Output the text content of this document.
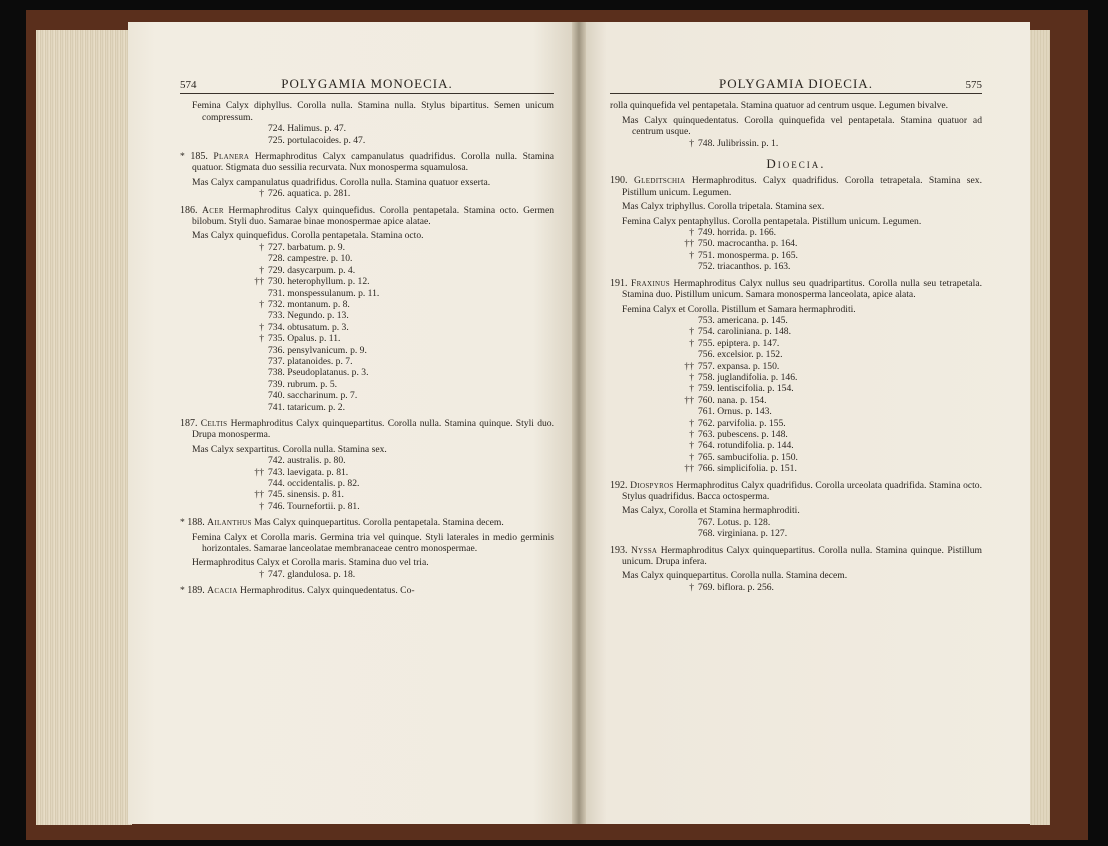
574	POLYGAMIA MONOECIA.

Femina Calyx diphyllus. Corolla nulla. Stamina nulla. Stylus bipartitus. Semen unicum compressum.

724. Halimus. p. 47.
725. portulacoides. p. 47.

* 185. Planera Hermaphroditus Calyx campanulatus quadrifidus. Corolla nulla. Stamina quatuor. Stigmata duo sessilia recurvata. Nux monosperma squamulosa.

Mas Calyx campanulatus quadrifidus. Corolla nulla. Stamina quatuor exserta.

† 726. aquatica. p. 281.

186. Acer Hermaphroditus Calyx quinquefidus. Corolla pentapetala. Stamina octo. Germen bilobum. Styli duo. Samarae binae monospermae apice alatae.

Mas Calyx quinquefidus. Corolla pentapetala. Stamina octo.

† 727. barbatum. p. 9.
728. campestre. p. 10.
† 729. dasycarpum. p. 4.
†† 730. heterophyllum. p. 12.
731. monspessulanum. p. 11.
† 732. montanum. p. 8.
733. Negundo. p. 13.
† 734. obtusatum. p. 3.
† 735. Opalus. p. 11.
736. pensylvanicum. p. 9.
737. platanoides. p. 7.
738. Pseudoplatanus. p. 3.
739. rubrum. p. 5.
740. saccharinum. p. 7.
741. tataricum. p. 2.

187. Celtis Hermaphroditus Calyx quinquepartitus. Corolla nulla. Stamina quinque. Styli duo. Drupa monosperma.

Mas Calyx sexpartitus. Corolla nulla. Stamina sex.

742. australis. p. 80.
†† 743. laevigata. p. 81.
744. occidentalis. p. 82.
†† 745. sinensis. p. 81.
† 746. Tournefortii. p. 81.

* 188. Ailanthus Mas Calyx quinquepartitus. Corolla pentapetala. Stamina decem.

Femina Calyx et Corolla maris. Germina tria vel quinque. Styli laterales in medio germinis horizontales. Samarae lanceolatae membranaceae centro monospermae.

Hermaphroditus Calyx et Corolla maris. Stamina duo vel tria.

† 747. glandulosa. p. 18.

* 189. Acacia Hermaphroditus. Calyx quinquedentatus. Co-

POLYGAMIA DIOECIA.	575

rolla quinquefida vel pentapetala. Stamina quatuor ad centrum usque. Legumen bivalve.

Mas Calyx quinquedentatus. Corolla quinquefida vel pentapetala. Stamina quatuor ad centrum usque.

† 748. Julibrissin. p. 1.
Dioecia.

190. Gleditschia Hermaphroditus. Calyx quadrifidus. Corolla tetrapetala. Stamina sex. Pistillum unicum. Legumen.

Mas Calyx triphyllus. Corolla tripetala. Stamina sex.

Femina Calyx pentaphyllus. Corolla pentapetala. Pistillum unicum. Legumen.

† 749. horrida. p. 166.
†† 750. macrocantha. p. 164.
† 751. monosperma. p. 165.
752. triacanthos. p. 163.

191. Fraxinus Hermaphroditus Calyx nullus seu quadripartitus. Corolla nulla seu tetrapetala. Stamina duo. Pistillum unicum. Samara monosperma lanceolata, apice alata.

Femina Calyx et Corolla. Pistillum et Samara hermaphroditi.

753. americana. p. 145.
† 754. caroliniana. p. 148.
† 755. epiptera. p. 147.
756. excelsior. p. 152.
†† 757. expansa. p. 150.
† 758. juglandifolia. p. 146.
† 759. lentiscifolia. p. 154.
†† 760. nana. p. 154.
761. Ornus. p. 143.
† 762. parvifolia. p. 155.
† 763. pubescens. p. 148.
† 764. rotundifolia. p. 144.
† 765. sambucifolia. p. 150.
†† 766. simplicifolia. p. 151.

192. Diospyros Hermaphroditus Calyx quadrifidus. Corolla urceolata quadrifida. Stamina octo. Stylus quadrifidus. Bacca octosperma.

Mas Calyx, Corolla et Stamina hermaphroditi.

767. Lotus. p. 128.
768. virginiana. p. 127.

193. Nyssa Hermaphroditus Calyx quinquepartitus. Corolla nulla. Stamina quinque. Pistillum unicum. Drupa infera.

Mas Calyx quinquepartitus. Corolla nulla. Stamina decem.

† 769. biflora. p. 256.
